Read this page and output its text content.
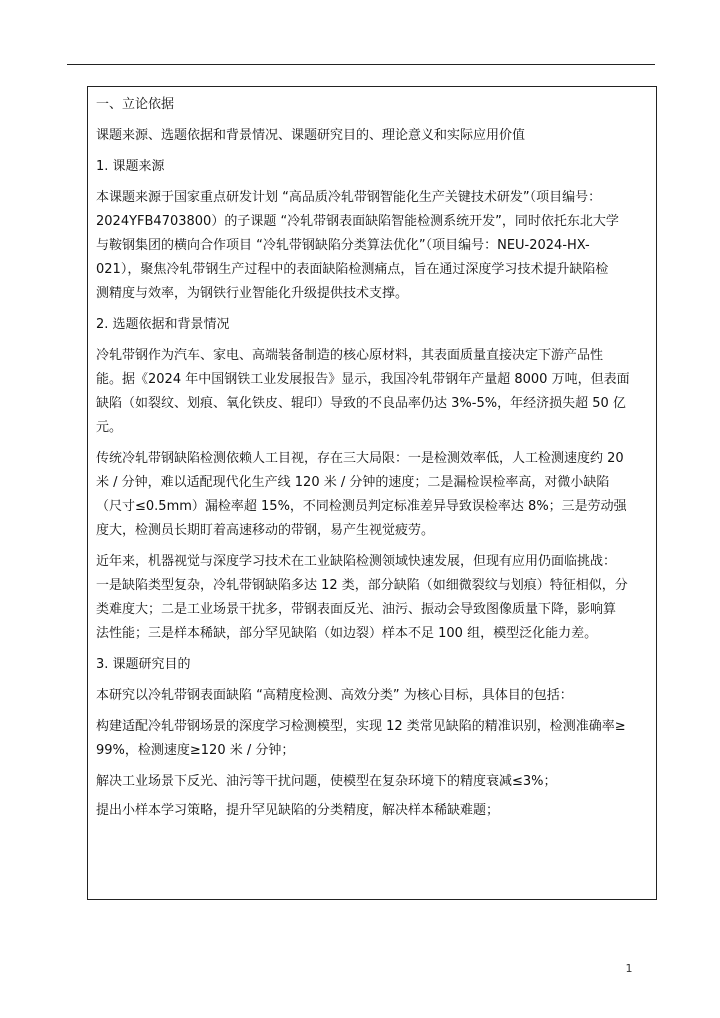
一、立论依据
课题来源、选题依据和背景情况、课题研究目的、理论意义和实际应用价值
1. 课题来源
本课题来源于国家重点研发计划 “高品质冷轧带钢智能化生产关键技术研发”（项目编号：
2024YFB4703800）的子课题 “冷轧带钢表面缺陷智能检测系统开发”，同时依托东北大学
与鞍钢集团的横向合作项目 “冷轧带钢缺陷分类算法优化”（项目编号：NEU-2024-HX-
021），聚焦冷轧带钢生产过程中的表面缺陷检测痛点，旨在通过深度学习技术提升缺陷检
测精度与效率，为钢铁行业智能化升级提供技术支撑。
2. 选题依据和背景情况
冷轧带钢作为汽车、家电、高端装备制造的核心原材料，其表面质量直接决定下游产品性
能。据《2024 年中国钢铁工业发展报告》显示，我国冷轧带钢年产量超 8000 万吨，但表面
缺陷（如裂纹、划痕、氧化铁皮、辊印）导致的不良品率仍达 3%-5%，年经济损失超 50 亿
元。
传统冷轧带钢缺陷检测依赖人工目视，存在三大局限：一是检测效率低，人工检测速度约 20
米 / 分钟，难以适配现代化生产线 120 米 / 分钟的速度；二是漏检误检率高，对微小缺陷
（尺寸≤0.5mm）漏检率超 15%，不同检测员判定标准差异导致误检率达 8%；三是劳动强
度大，检测员长期盯着高速移动的带钢，易产生视觉疲劳。
近年来，机器视觉与深度学习技术在工业缺陷检测领域快速发展，但现有应用仍面临挑战：
一是缺陷类型复杂，冷轧带钢缺陷多达 12 类，部分缺陷（如细微裂纹与划痕）特征相似，分
类难度大；二是工业场景干扰多，带钢表面反光、油污、振动会导致图像质量下降，影响算
法性能；三是样本稀缺，部分罕见缺陷（如边裂）样本不足 100 组，模型泛化能力差。
3. 课题研究目的
本研究以冷轧带钢表面缺陷 “高精度检测、高效分类” 为核心目标，具体目的包括：
构建适配冷轧带钢场景的深度学习检测模型，实现 12 类常见缺陷的精准识别，检测准确率≥
99%，检测速度≥120 米 / 分钟；
解决工业场景下反光、油污等干扰问题，使模型在复杂环境下的精度衰减≤3%；
提出小样本学习策略，提升罕见缺陷的分类精度，解决样本稀缺难题；
1
